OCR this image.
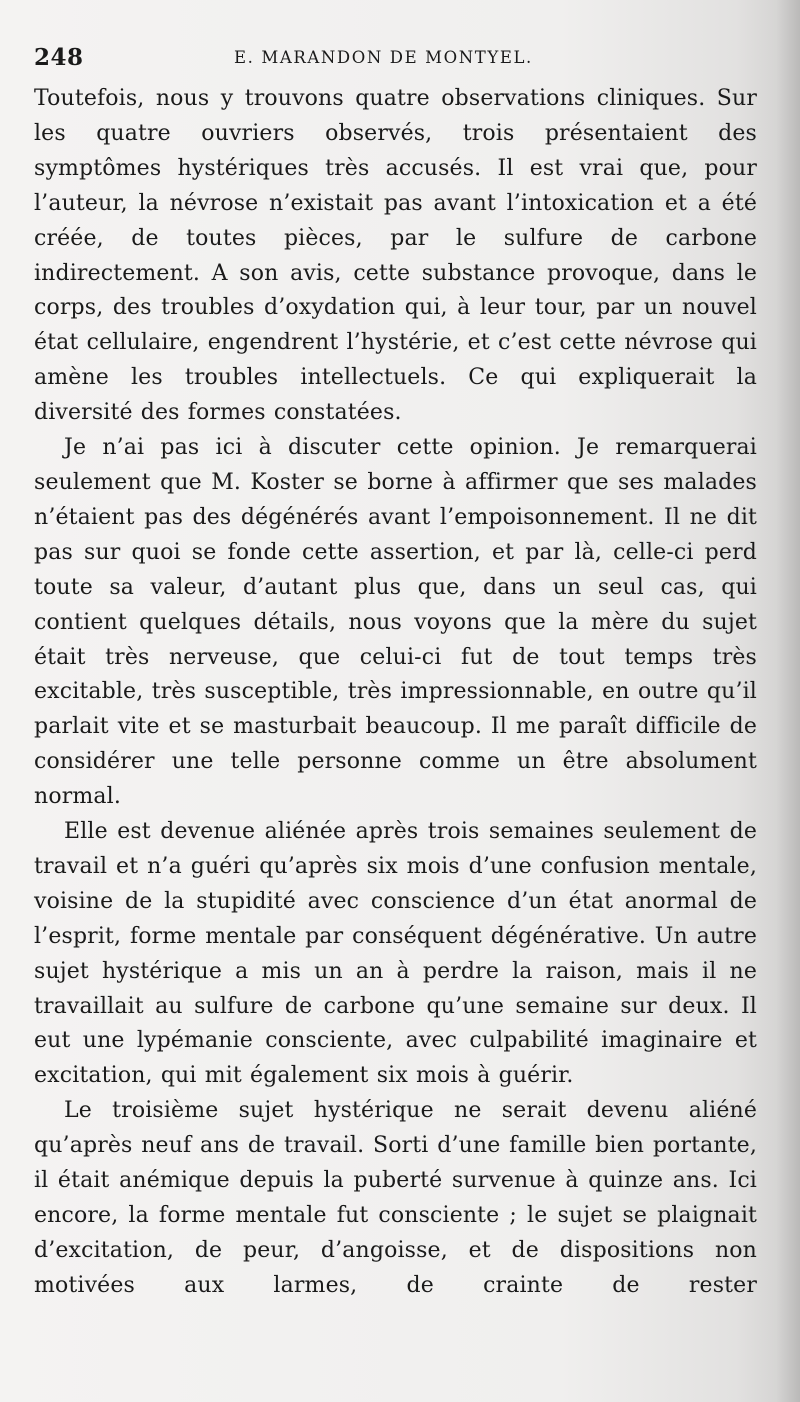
248	E. MARANDON DE MONTYEL.

Toutefois, nous y trouvons quatre observations cliniques. Sur les quatre ouvriers observés, trois présentaient des symptômes hystériques très accusés. Il est vrai que, pour l’auteur, la névrose n’existait pas avant l’intoxication et a été créée, de toutes pièces, par le sulfure de carbone indirectement. A son avis, cette substance provoque, dans le corps, des troubles d’oxydation qui, à leur tour, par un nouvel état cellulaire, engendrent l’hystérie, et c’est cette névrose qui amène les troubles intellectuels. Ce qui expliquerait la diversité des formes constatées.

Je n’ai pas ici à discuter cette opinion. Je remarquerai seulement que M. Koster se borne à affirmer que ses malades n’étaient pas des dégénérés avant l’empoisonnement. Il ne dit pas sur quoi se fonde cette assertion, et par là, celle-ci perd toute sa valeur, d’autant plus que, dans un seul cas, qui contient quelques détails, nous voyons que la mère du sujet était très nerveuse, que celui-ci fut de tout temps très excitable, très susceptible, très impressionnable, en outre qu’il parlait vite et se masturbait beaucoup. Il me paraît difficile de considérer une telle personne comme un être absolument normal.

Elle est devenue aliénée après trois semaines seulement de travail et n’a guéri qu’après six mois d’une confusion mentale, voisine de la stupidité avec conscience d’un état anormal de l’esprit, forme mentale par conséquent dégénérative. Un autre sujet hystérique a mis un an à perdre la raison, mais il ne travaillait au sulfure de carbone qu’une semaine sur deux. Il eut une lypémanie consciente, avec culpabilité imaginaire et excitation, qui mit également six mois à guérir.

Le troisième sujet hystérique ne serait devenu aliéné qu’après neuf ans de travail. Sorti d’une famille bien portante, il était anémique depuis la puberté survenue à quinze ans. Ici encore, la forme mentale fut consciente ; le sujet se plaignait d’excitation, de peur, d’angoisse, et de dispositions non motivées aux larmes, de crainte de rester
